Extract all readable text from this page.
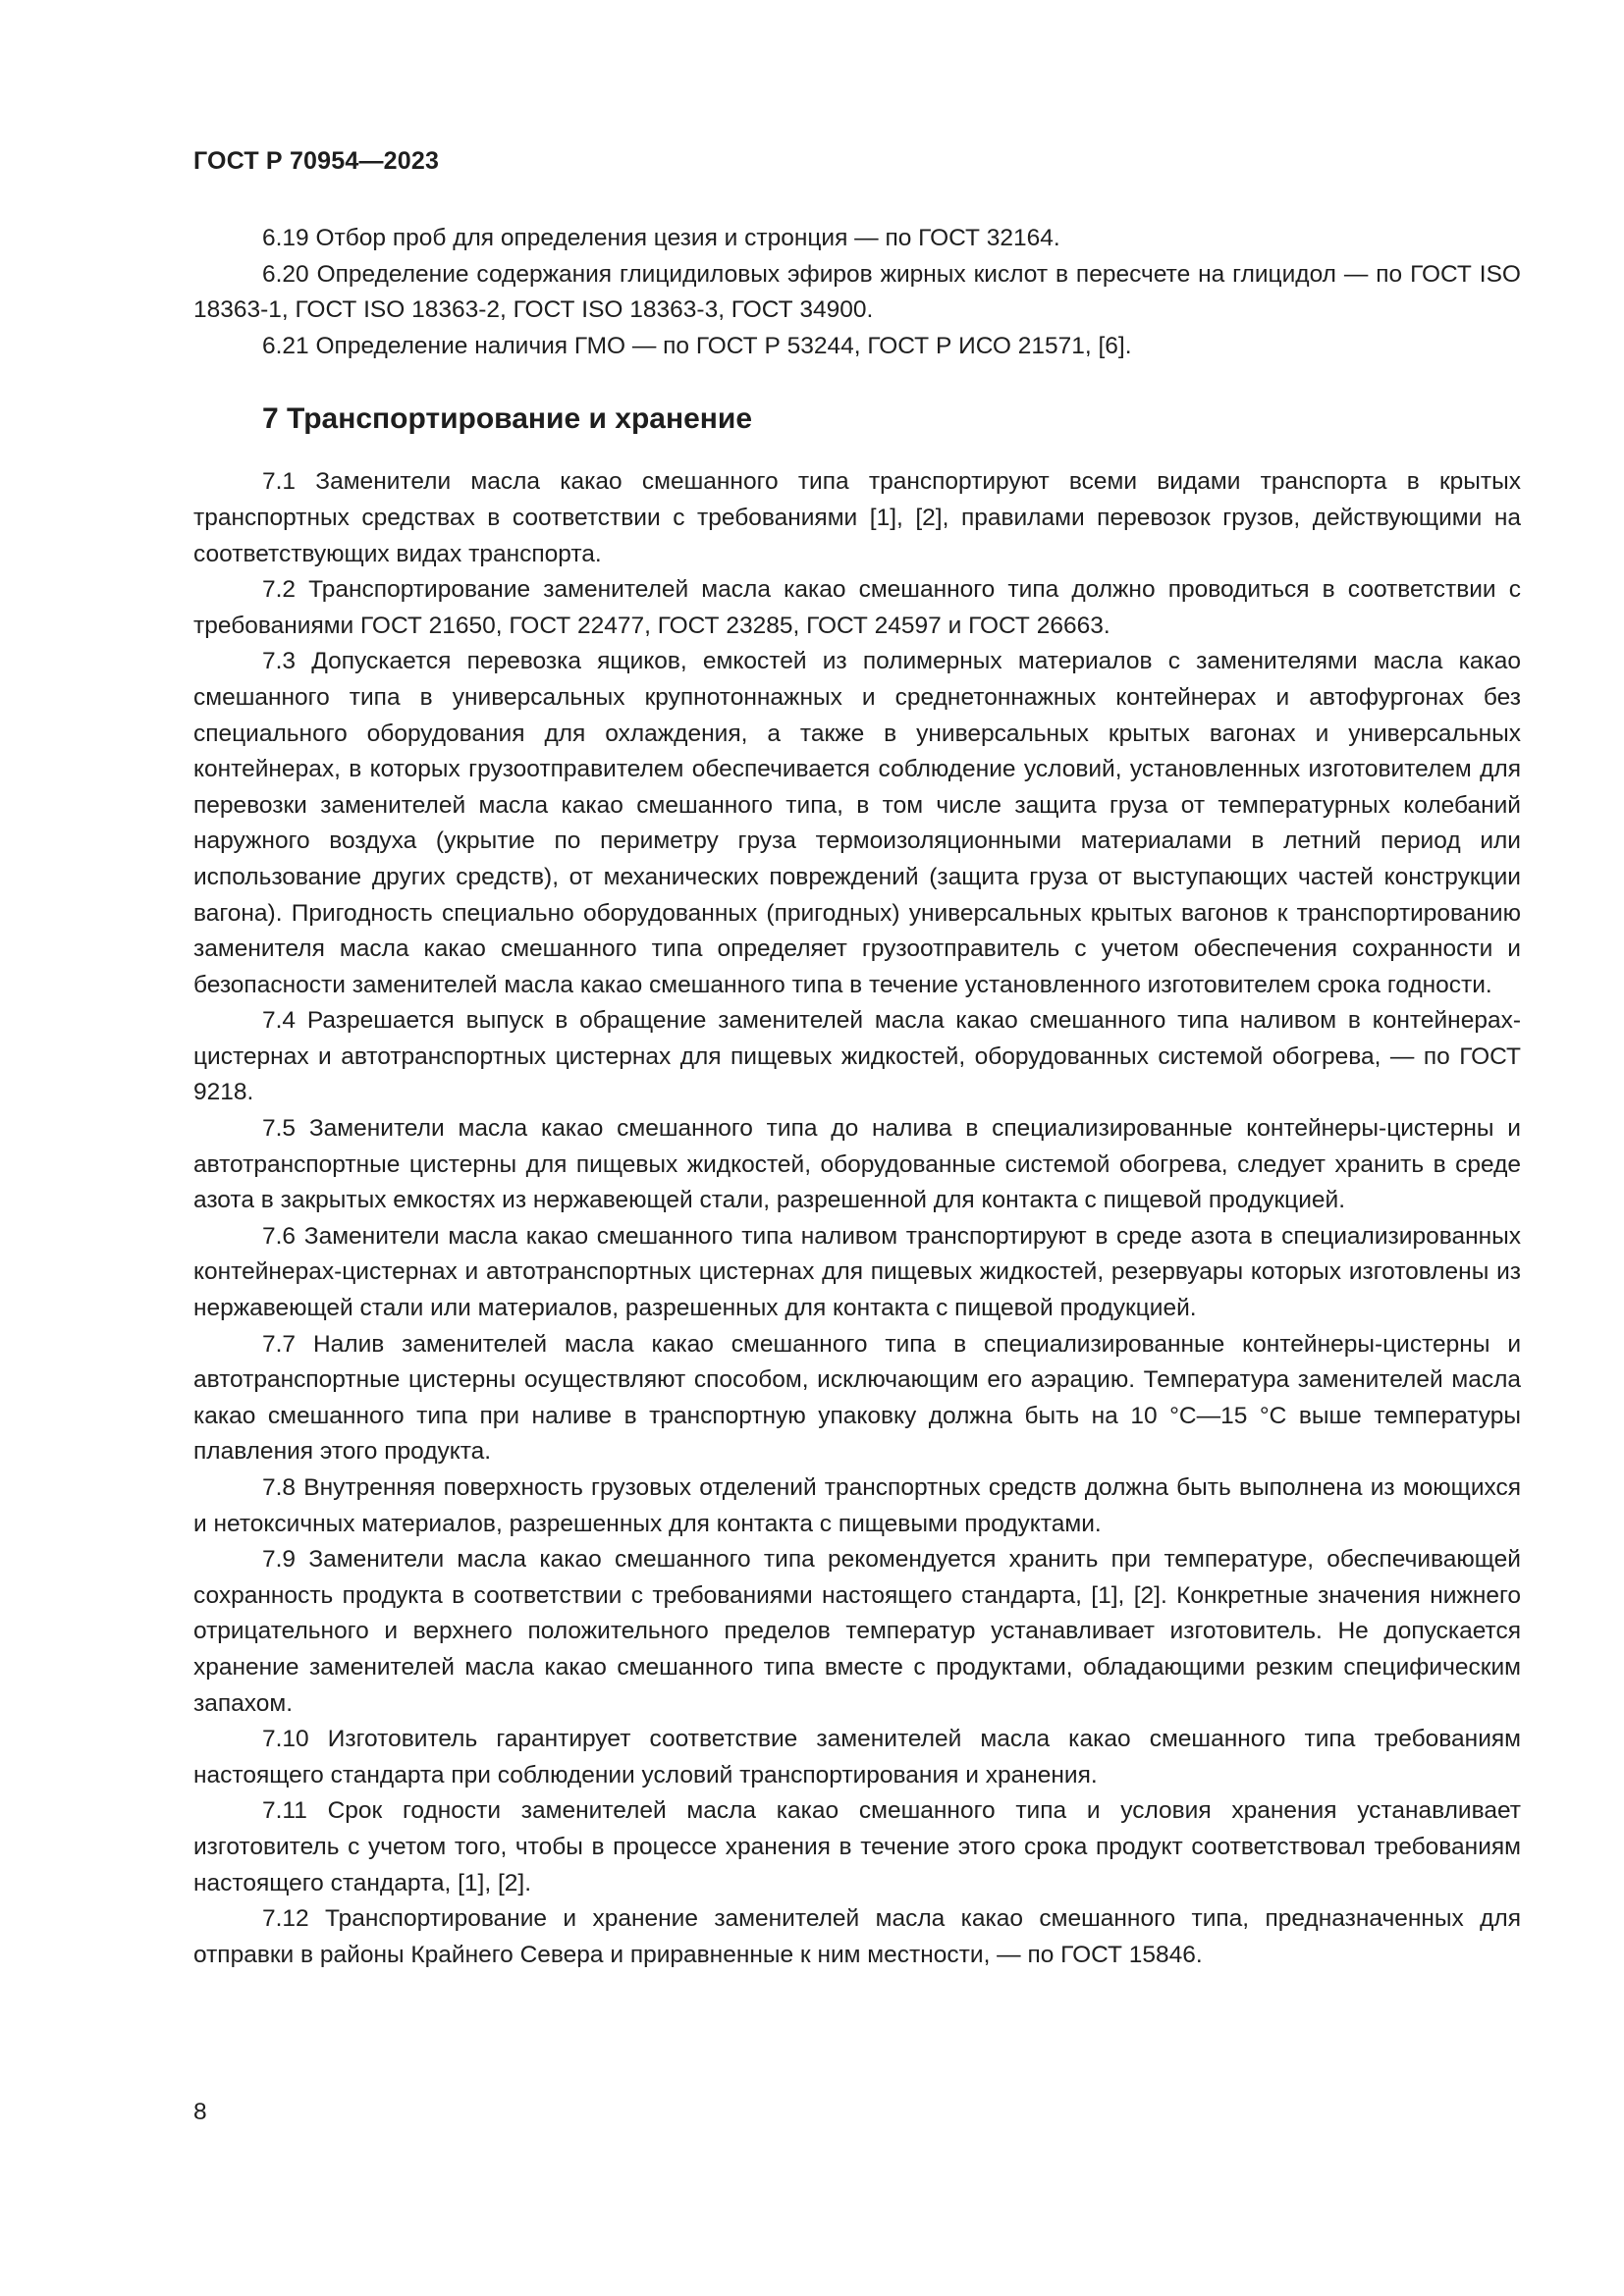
ГОСТ Р 70954—2023

6.19 Отбор проб для определения цезия и стронция — по ГОСТ 32164.

6.20 Определение содержания глицидиловых эфиров жирных кислот в пересчете на глицидол — по ГОСТ ISO 18363-1, ГОСТ ISO 18363-2, ГОСТ ISO 18363-3, ГОСТ 34900.

6.21 Определение наличия ГМО — по ГОСТ Р 53244, ГОСТ Р ИСО 21571, [6].

7 Транспортирование и хранение

7.1 Заменители масла какао смешанного типа транспортируют всеми видами транспорта в крытых транспортных средствах в соответствии с требованиями [1], [2], правилами перевозок грузов, действующими на соответствующих видах транспорта.

7.2 Транспортирование заменителей масла какао смешанного типа должно проводиться в соответствии с требованиями ГОСТ 21650, ГОСТ 22477, ГОСТ 23285, ГОСТ 24597 и ГОСТ 26663.

7.3 Допускается перевозка ящиков, емкостей из полимерных материалов с заменителями масла какао смешанного типа в универсальных крупнотоннажных и среднетоннажных контейнерах и автофургонах без специального оборудования для охлаждения, а также в универсальных крытых вагонах и универсальных контейнерах, в которых грузоотправителем обеспечивается соблюдение условий, установленных изготовителем для перевозки заменителей масла какао смешанного типа, в том числе защита груза от температурных колебаний наружного воздуха (укрытие по периметру груза термоизоляционными материалами в летний период или использование других средств), от механических повреждений (защита груза от выступающих частей конструкции вагона). Пригодность специально оборудованных (пригодных) универсальных крытых вагонов к транспортированию заменителя масла какао смешанного типа определяет грузоотправитель с учетом обеспечения сохранности и безопасности заменителей масла какао смешанного типа в течение установленного изготовителем срока годности.

7.4 Разрешается выпуск в обращение заменителей масла какао смешанного типа наливом в контейнерах-цистернах и автотранспортных цистернах для пищевых жидкостей, оборудованных системой обогрева, — по ГОСТ 9218.

7.5 Заменители масла какао смешанного типа до налива в специализированные контейнеры-цистерны и автотранспортные цистерны для пищевых жидкостей, оборудованные системой обогрева, следует хранить в среде азота в закрытых емкостях из нержавеющей стали, разрешенной для контакта с пищевой продукцией.

7.6 Заменители масла какао смешанного типа наливом транспортируют в среде азота в специализированных контейнерах-цистернах и автотранспортных цистернах для пищевых жидкостей, резервуары которых изготовлены из нержавеющей стали или материалов, разрешенных для контакта с пищевой продукцией.

7.7 Налив заменителей масла какао смешанного типа в специализированные контейнеры-цистерны и автотранспортные цистерны осуществляют способом, исключающим его аэрацию. Температура заменителей масла какао смешанного типа при наливе в транспортную упаковку должна быть на 10 °С—15 °С выше температуры плавления этого продукта.

7.8 Внутренняя поверхность грузовых отделений транспортных средств должна быть выполнена из моющихся и нетоксичных материалов, разрешенных для контакта с пищевыми продуктами.

7.9 Заменители масла какао смешанного типа рекомендуется хранить при температуре, обеспечивающей сохранность продукта в соответствии с требованиями настоящего стандарта, [1], [2]. Конкретные значения нижнего отрицательного и верхнего положительного пределов температур устанавливает изготовитель. Не допускается хранение заменителей масла какао смешанного типа вместе с продуктами, обладающими резким специфическим запахом.

7.10 Изготовитель гарантирует соответствие заменителей масла какао смешанного типа требованиям настоящего стандарта при соблюдении условий транспортирования и хранения.

7.11 Срок годности заменителей масла какао смешанного типа и условия хранения устанавливает изготовитель с учетом того, чтобы в процессе хранения в течение этого срока продукт соответствовал требованиям настоящего стандарта, [1], [2].

7.12 Транспортирование и хранение заменителей масла какао смешанного типа, предназначенных для отправки в районы Крайнего Севера и приравненные к ним местности, — по ГОСТ 15846.

8
